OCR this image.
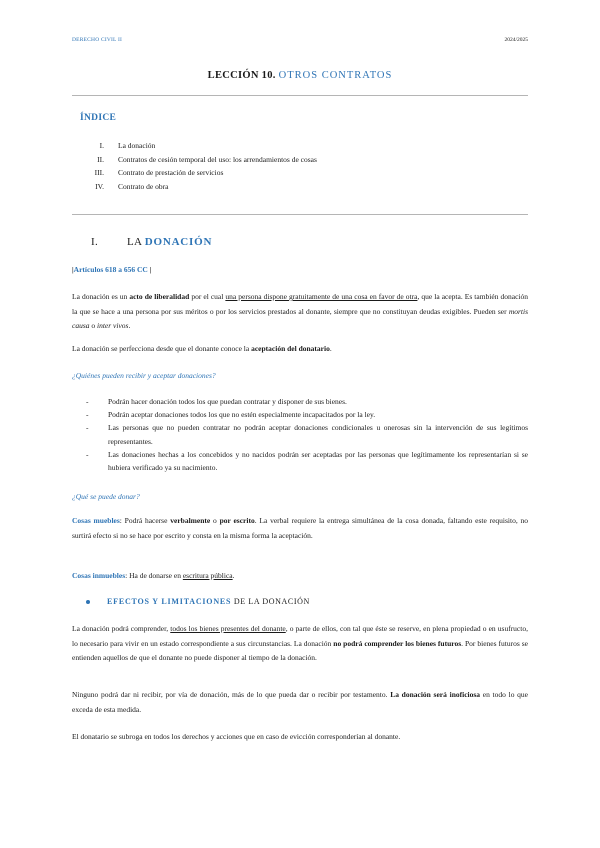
DERECHO CIVIL II	2024/2025
LECCIÓN 10. OTROS CONTRATOS
ÍNDICE
I.	La donación
II.	Contratos de cesión temporal del uso: los arrendamientos de cosas
III.	Contrato de prestación de servicios
IV.	Contrato de obra
I.	LA DONACIÓN
|Artículos 618 a 656 CC |
La donación es un acto de liberalidad por el cual una persona dispone gratuitamente de una cosa en favor de otra, que la acepta. Es también donación la que se hace a una persona por sus méritos o por los servicios prestados al donante, siempre que no constituyan deudas exigibles. Pueden ser mortis causa o inter vivos.
La donación se perfecciona desde que el donante conoce la aceptación del donatario.
¿Quiénes pueden recibir y aceptar donaciones?
-	Podrán hacer donación todos los que puedan contratar y disponer de sus bienes.
-	Podrán aceptar donaciones todos los que no estén especialmente incapacitados por la ley.
-	Las personas que no pueden contratar no podrán aceptar donaciones condicionales u onerosas sin la intervención de sus legítimos representantes.
-	Las donaciones hechas a los concebidos y no nacidos podrán ser aceptadas por las personas que legítimamente los representarían si se hubiera verificado ya su nacimiento.
¿Qué se puede donar?
Cosas muebles: Podrá hacerse verbalmente o por escrito. La verbal requiere la entrega simultánea de la cosa donada, faltando este requisito, no surtirá efecto si no se hace por escrito y consta en la misma forma la aceptación.
Cosas inmuebles: Ha de donarse en escritura pública.
EFECTOS Y LIMITACIONES DE LA DONACIÓN
La donación podrá comprender, todos los bienes presentes del donante, o parte de ellos, con tal que éste se reserve, en plena propiedad o en usufructo, lo necesario para vivir en un estado correspondiente a sus circunstancias. La donación no podrá comprender los bienes futuros. Por bienes futuros se entienden aquellos de que el donante no puede disponer al tiempo de la donación.
Ninguno podrá dar ni recibir, por vía de donación, más de lo que pueda dar o recibir por testamento. La donación será inoficiosa en todo lo que exceda de esta medida.
El donatario se subroga en todos los derechos y acciones que en caso de evicción corresponderían al donante.
